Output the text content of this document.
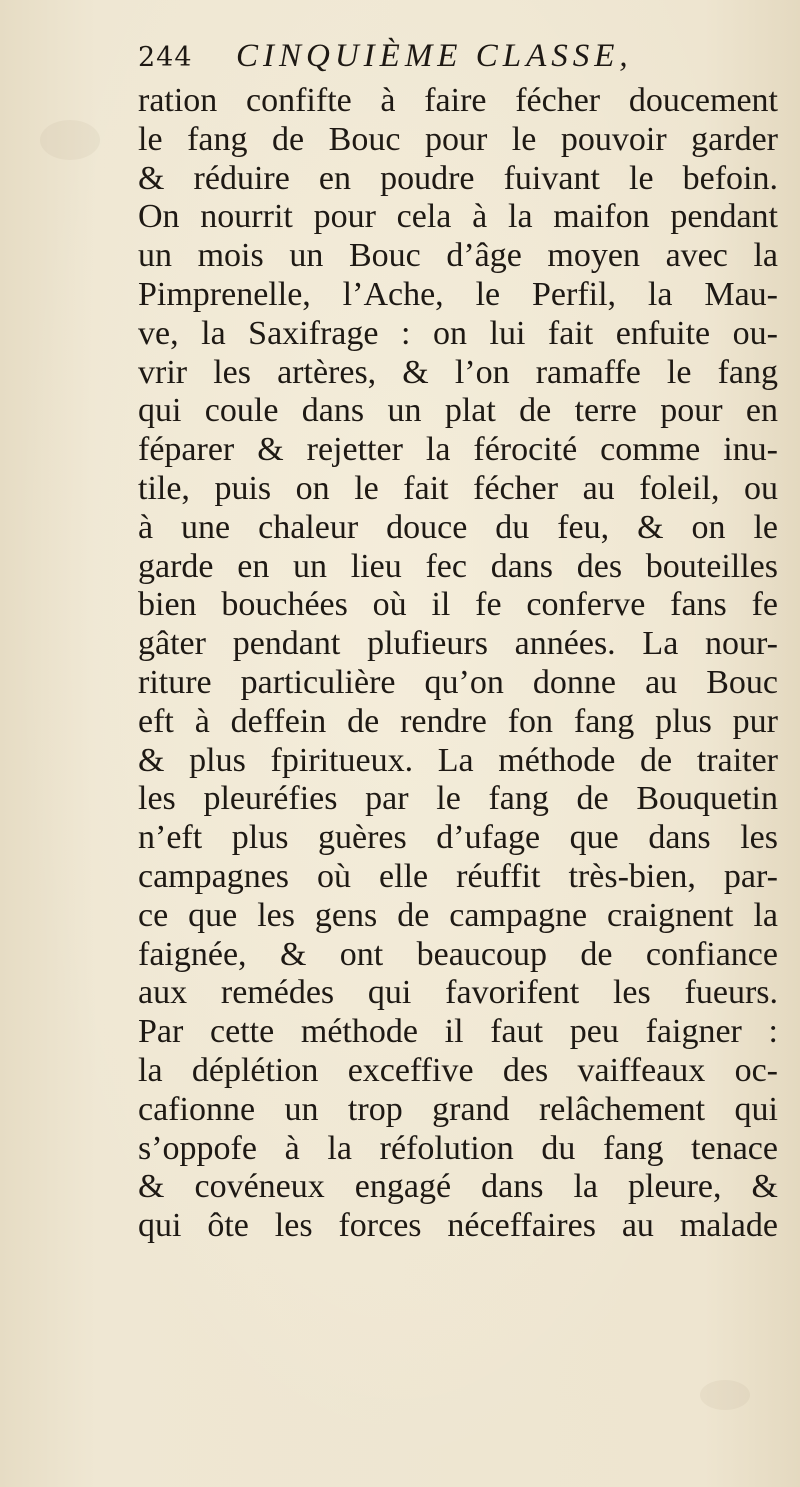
244	CINQUIÈME CLASSE,
ration confifte à faire fécher doucement
le fang de Bouc pour le pouvoir garder
& réduire en poudre fuivant le befoin.
On nourrit pour cela à la maifon pendant
un mois un Bouc d’âge moyen avec la
Pimprenelle, l’Ache, le Perfil, la Mau-
ve, la Saxifrage : on lui fait enfuite ou-
vrir les artères, & l’on ramaffe le fang
qui coule dans un plat de terre pour en
féparer & rejetter la férocité comme inu-
tile, puis on le fait fécher au foleil, ou
à une chaleur douce du feu, & on le
garde en un lieu fec dans des bouteilles
bien bouchées où il fe conferve fans fe
gâter pendant plufieurs années. La nour-
riture particulière qu’on donne au Bouc
eft à deffein de rendre fon fang plus pur
& plus fpiritueux. La méthode de traiter
les pleuréfies par le fang de Bouquetin
n’eft plus guères d’ufage que dans les
campagnes où elle réuffit très-bien, par-
ce que les gens de campagne craignent la
faignée, & ont beaucoup de confiance
aux remédes qui favorifent les fueurs.
Par cette méthode il faut peu faigner :
la déplétion exceffive des vaiffeaux oc-
cafionne un trop grand relâchement qui
s’oppofe à la réfolution du fang tenace
& covéneux engagé dans la pleure, &
qui ôte les forces néceffaires au malade
